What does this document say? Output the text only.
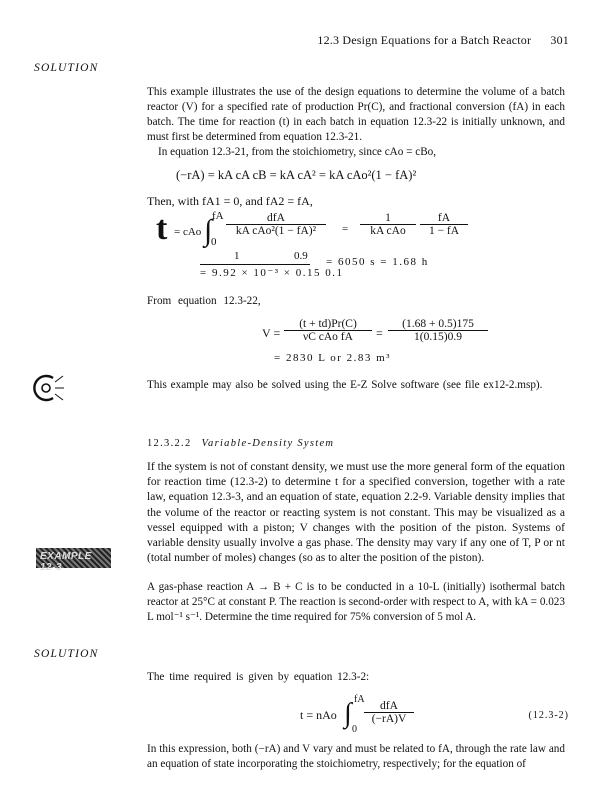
12.3 Design Equations for a Batch Reactor 301
SOLUTION
This example illustrates the use of the design equations to determine the volume of a batch reactor (V) for a specified rate of production Pr(C), and fractional conversion (fA) in each batch. The time for reaction (t) in each batch in equation 12.3-22 is initially unknown, and must first be determined from equation 12.3-21.
In equation 12.3-21, from the stoichiometry, since cAo = cBo,
(−rA) = kA cA cB = kA cA² = kA cAo²(1 − fA)²
Then, with fA1 = 0, and fA2 = fA,
t = cAo
fA
∫
0
dfA
kA cAo²(1 − fA)²	=
1
kA cAo	$\frac{fA}{1 - fA}$
1	0.9
= 9.92 × 10⁻³ × 0.15 0.1
= 6050 s = 1.68 h
From equation 12.3-22,
V =
(t + td)Pr(C)
νC cAo fA	= $\frac{(1.68 + 0.5)175}{1(0.15)0.9}$
= 2830 L or 2.83 m³
This example may also be solved using the E-Z Solve software (see file ex12-2.msp).
12.3.2.2 Variable-Density System
If the system is not of constant density, we must use the more general form of the equation for reaction time (12.3-2) to determine t for a specified conversion, together with a rate law, equation 12.3-3, and an equation of state, equation 2.2-9. Variable density implies that the volume of the reactor or reacting system is not constant. This may be visualized as a vessel equipped with a piston; V changes with the position of the piston. Systems of variable density usually involve a gas phase. The density may vary if any one of T, P or nt (total number of moles) changes (so as to alter the position of the piston).
EXAMPLE 12-3
A gas-phase reaction A → B + C is to be conducted in a 10-L (initially) isothermal batch reactor at 25°C at constant P. The reaction is second-order with respect to A, with kA = 0.023 L mol⁻¹ s⁻¹. Determine the time required for 75% conversion of 5 mol A.
SOLUTION
The time required is given by equation 12.3-2:
t = nAo ∫ fA
0
dfA
(−rA)V	(12.3-2)
In this expression, both (−rA) and V vary and must be related to fA, through the rate law and an equation of state incorporating the stoichiometry, respectively; for the equation of
